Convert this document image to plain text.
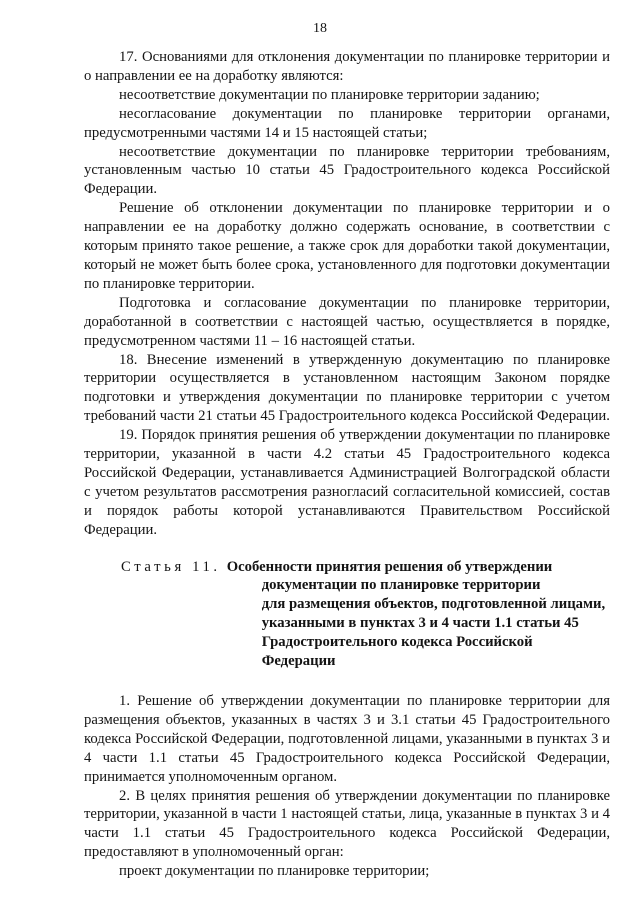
18

17. Основаниями для отклонения документации по планировке территории и о направлении ее на доработку являются:

несоответствие документации по планировке территории заданию;

несогласование документации по планировке территории органами, предусмотренными частями 14 и 15 настоящей статьи;

несоответствие документации по планировке территории требованиям, установленным частью 10 статьи 45 Градостроительного кодекса Российской Федерации.

Решение об отклонении документации по планировке территории и о направлении ее на доработку должно содержать основание, в соответствии с которым принято такое решение, а также срок для доработки такой документации, который не может быть более срока, установленного для подготовки документации по планировке территории.

Подготовка и согласование документации по планировке территории, доработанной в соответствии с настоящей частью, осуществляется в порядке, предусмотренном частями 11 – 16 настоящей статьи.

18. Внесение изменений в утвержденную документацию по планировке территории осуществляется в установленном настоящим Законом порядке подготовки и утверждения документации по планировке территории с учетом требований части 21 статьи 45 Градостроительного кодекса Российской Федерации.

19. Порядок принятия решения об утверждении документации по планировке территории, указанной в части 4.2 статьи 45 Градостроительного кодекса Российской Федерации, устанавливается Администрацией Волгоградской области с учетом результатов рассмотрения разногласий согласительной комиссией, состав и порядок работы которой устанавливаются Правительством Российской Федерации.

Статья 11. Особенности принятия решения об утверждении
документации по планировке территории
для размещения объектов, подготовленной лицами,
указанными в пунктах 3 и 4 части 1.1 статьи 45
Градостроительного кодекса Российской Федерации

1. Решение об утверждении документации по планировке территории для размещения объектов, указанных в частях 3 и 3.1 статьи 45 Градостроительного кодекса Российской Федерации, подготовленной лицами, указанными в пунктах 3 и 4 части 1.1 статьи 45 Градостроительного кодекса Российской Федерации, принимается уполномоченным органом.

2. В целях принятия решения об утверждении документации по планировке территории, указанной в части 1 настоящей статьи, лица, указанные в пунктах 3 и 4 части 1.1 статьи 45 Градостроительного кодекса Российской Федерации, предоставляют в уполномоченный орган:

проект документации по планировке территории;
